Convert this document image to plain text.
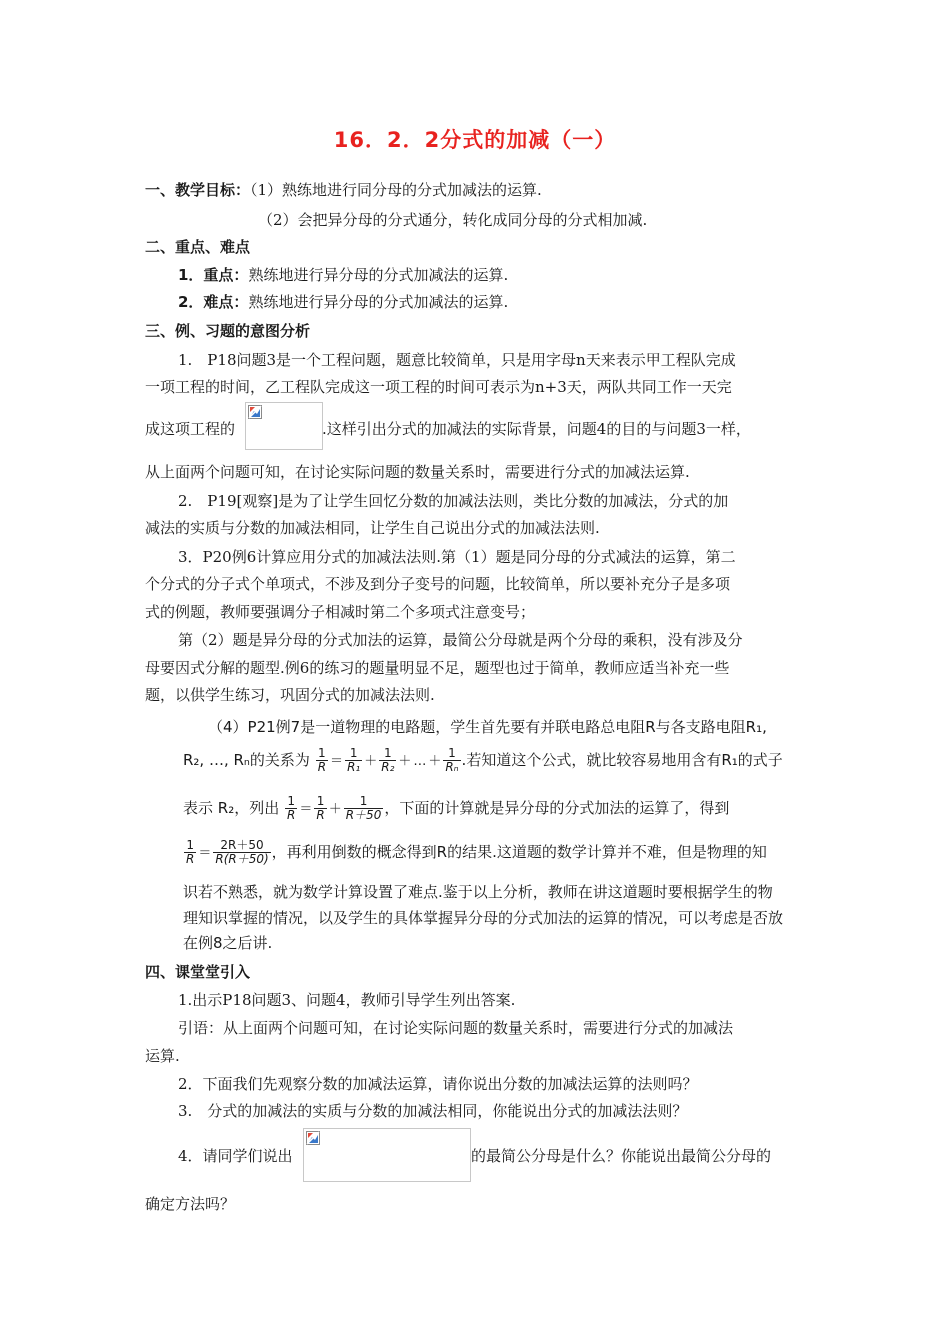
16．2．2分式的加减（一）
一、教学目标：（1）熟练地进行同分母的分式加减法的运算.
（2）会把异分母的分式通分，转化成同分母的分式相加减.
二、重点、难点
1．重点：熟练地进行异分母的分式加减法的运算.
2．难点：熟练地进行异分母的分式加减法的运算.
三、例、习题的意图分析
1.　P18问题3是一个工程问题，题意比较简单，只是用字母n天来表示甲工程队完成
一项工程的时间，乙工程队完成这一项工程的时间可表示为n+3天，两队共同工作一天完
成这项工程的	.这样引出分式的加减法的实际背景，问题4的目的与问题3一样，
从上面两个问题可知，在讨论实际问题的数量关系时，需要进行分式的加减法运算.
2.　P19[观察]是为了让学生回忆分数的加减法法则，类比分数的加减法，分式的加
减法的实质与分数的加减法相同，让学生自己说出分式的加减法法则.
3．P20例6计算应用分式的加减法法则.第（1）题是同分母的分式减法的运算，第二
个分式的分子式个单项式，不涉及到分子变号的问题，比较简单，所以要补充分子是多项
式的例题，教师要强调分子相减时第二个多项式注意变号；
第（2）题是异分母的分式加法的运算，最简公分母就是两个分母的乘积，没有涉及分
母要因式分解的题型.例6的练习的题量明显不足，题型也过于简单，教师应适当补充一些
题，以供学生练习，巩固分式的加减法法则.
（4）P21例7是一道物理的电路题，学生首先要有并联电路总电阻R与各支路电阻R₁,
R₂, …, Rₙ的关系为 $\frac{1}{R} = \frac{1}{\text{R₁}} + \frac{1}{\text{R₂}}$ ＋ … ＋ $\frac{1}{\text{Rₙ}}$ .若知道这个公式，就比较容易地用含有R₁的式子
表示 R₂，列出 $\frac{1}{R} = \frac{1}{R} + \frac{1}{R+50}$ ，下面的计算就是异分母的分式加法的运算了，得到
$\frac{1}{R} = \frac{2R+50}{R(R+50)}$ ，再利用倒数的概念得到R的结果.这道题的数学计算并不难，但是物理的知
识若不熟悉，就为数学计算设置了难点.鉴于以上分析，教师在讲这道题时要根据学生的物
理知识掌握的情况，以及学生的具体掌握异分母的分式加法的运算的情况，可以考虑是否放
在例8之后讲.
四、课堂堂引入
1.出示P18问题3、问题4，教师引导学生列出答案.
引语：从上面两个问题可知，在讨论实际问题的数量关系时，需要进行分式的加减法
运算.
2．下面我们先观察分数的加减法运算，请你说出分数的加减法运算的法则吗？
3.　分式的加减法的实质与分数的加减法相同，你能说出分式的加减法法则？
4．请同学们说出	的最简公分母是什么？你能说出最简公分母的
确定方法吗？
